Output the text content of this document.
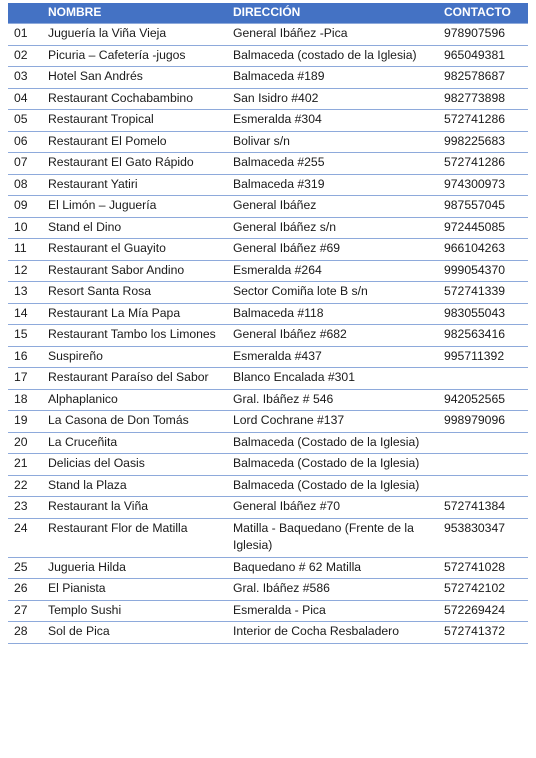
	NOMBRE	DIRECCIÓN	CONTACTO
01	Juguería la Viña Vieja	General Ibáñez -Pica	978907596
02	Picuria – Cafetería -jugos	Balmaceda (costado de la Iglesia)	965049381
03	Hotel San Andrés	Balmaceda #189	982578687
04	Restaurant Cochabambino	San Isidro #402	982773898
05	Restaurant Tropical	Esmeralda #304	572741286
06	Restaurant El Pomelo	Bolivar s/n	998225683
07	Restaurant El Gato Rápido	Balmaceda #255	572741286
08	Restaurant Yatiri	Balmaceda #319	974300973
09	El Limón – Juguería	General Ibáñez	987557045
10	Stand el Dino	General Ibáñez s/n	972445085
11	Restaurant el Guayito	General Ibáñez #69	966104263
12	Restaurant Sabor Andino	Esmeralda #264	999054370
13	Resort Santa Rosa	Sector Comiña lote B s/n	572741339
14	Restaurant La Mía Papa	Balmaceda #118	983055043
15	Restaurant Tambo los Limones	General Ibáñez #682	982563416
16	Suspireño	Esmeralda #437	995711392
17	Restaurant Paraíso del Sabor	Blanco Encalada #301	
18	Alphaplanico	Gral. Ibáñez # 546	942052565
19	La Casona de Don Tomás	Lord Cochrane #137	998979096
20	La Cruceñita	Balmaceda (Costado de la Iglesia)	
21	Delicias del Oasis	Balmaceda (Costado de la Iglesia)	
22	Stand la Plaza	Balmaceda (Costado de la Iglesia)	
23	Restaurant la Viña	General Ibáñez #70	572741384
24	Restaurant Flor de Matilla	Matilla - Baquedano (Frente de la Iglesia)	953830347
25	Jugueria Hilda	Baquedano # 62 Matilla	572741028
26	El Pianista	Gral. Ibáñez #586	572742102
27	Templo Sushi	Esmeralda - Pica	572269424
28	Sol de Pica	Interior de Cocha Resbaladero	572741372
